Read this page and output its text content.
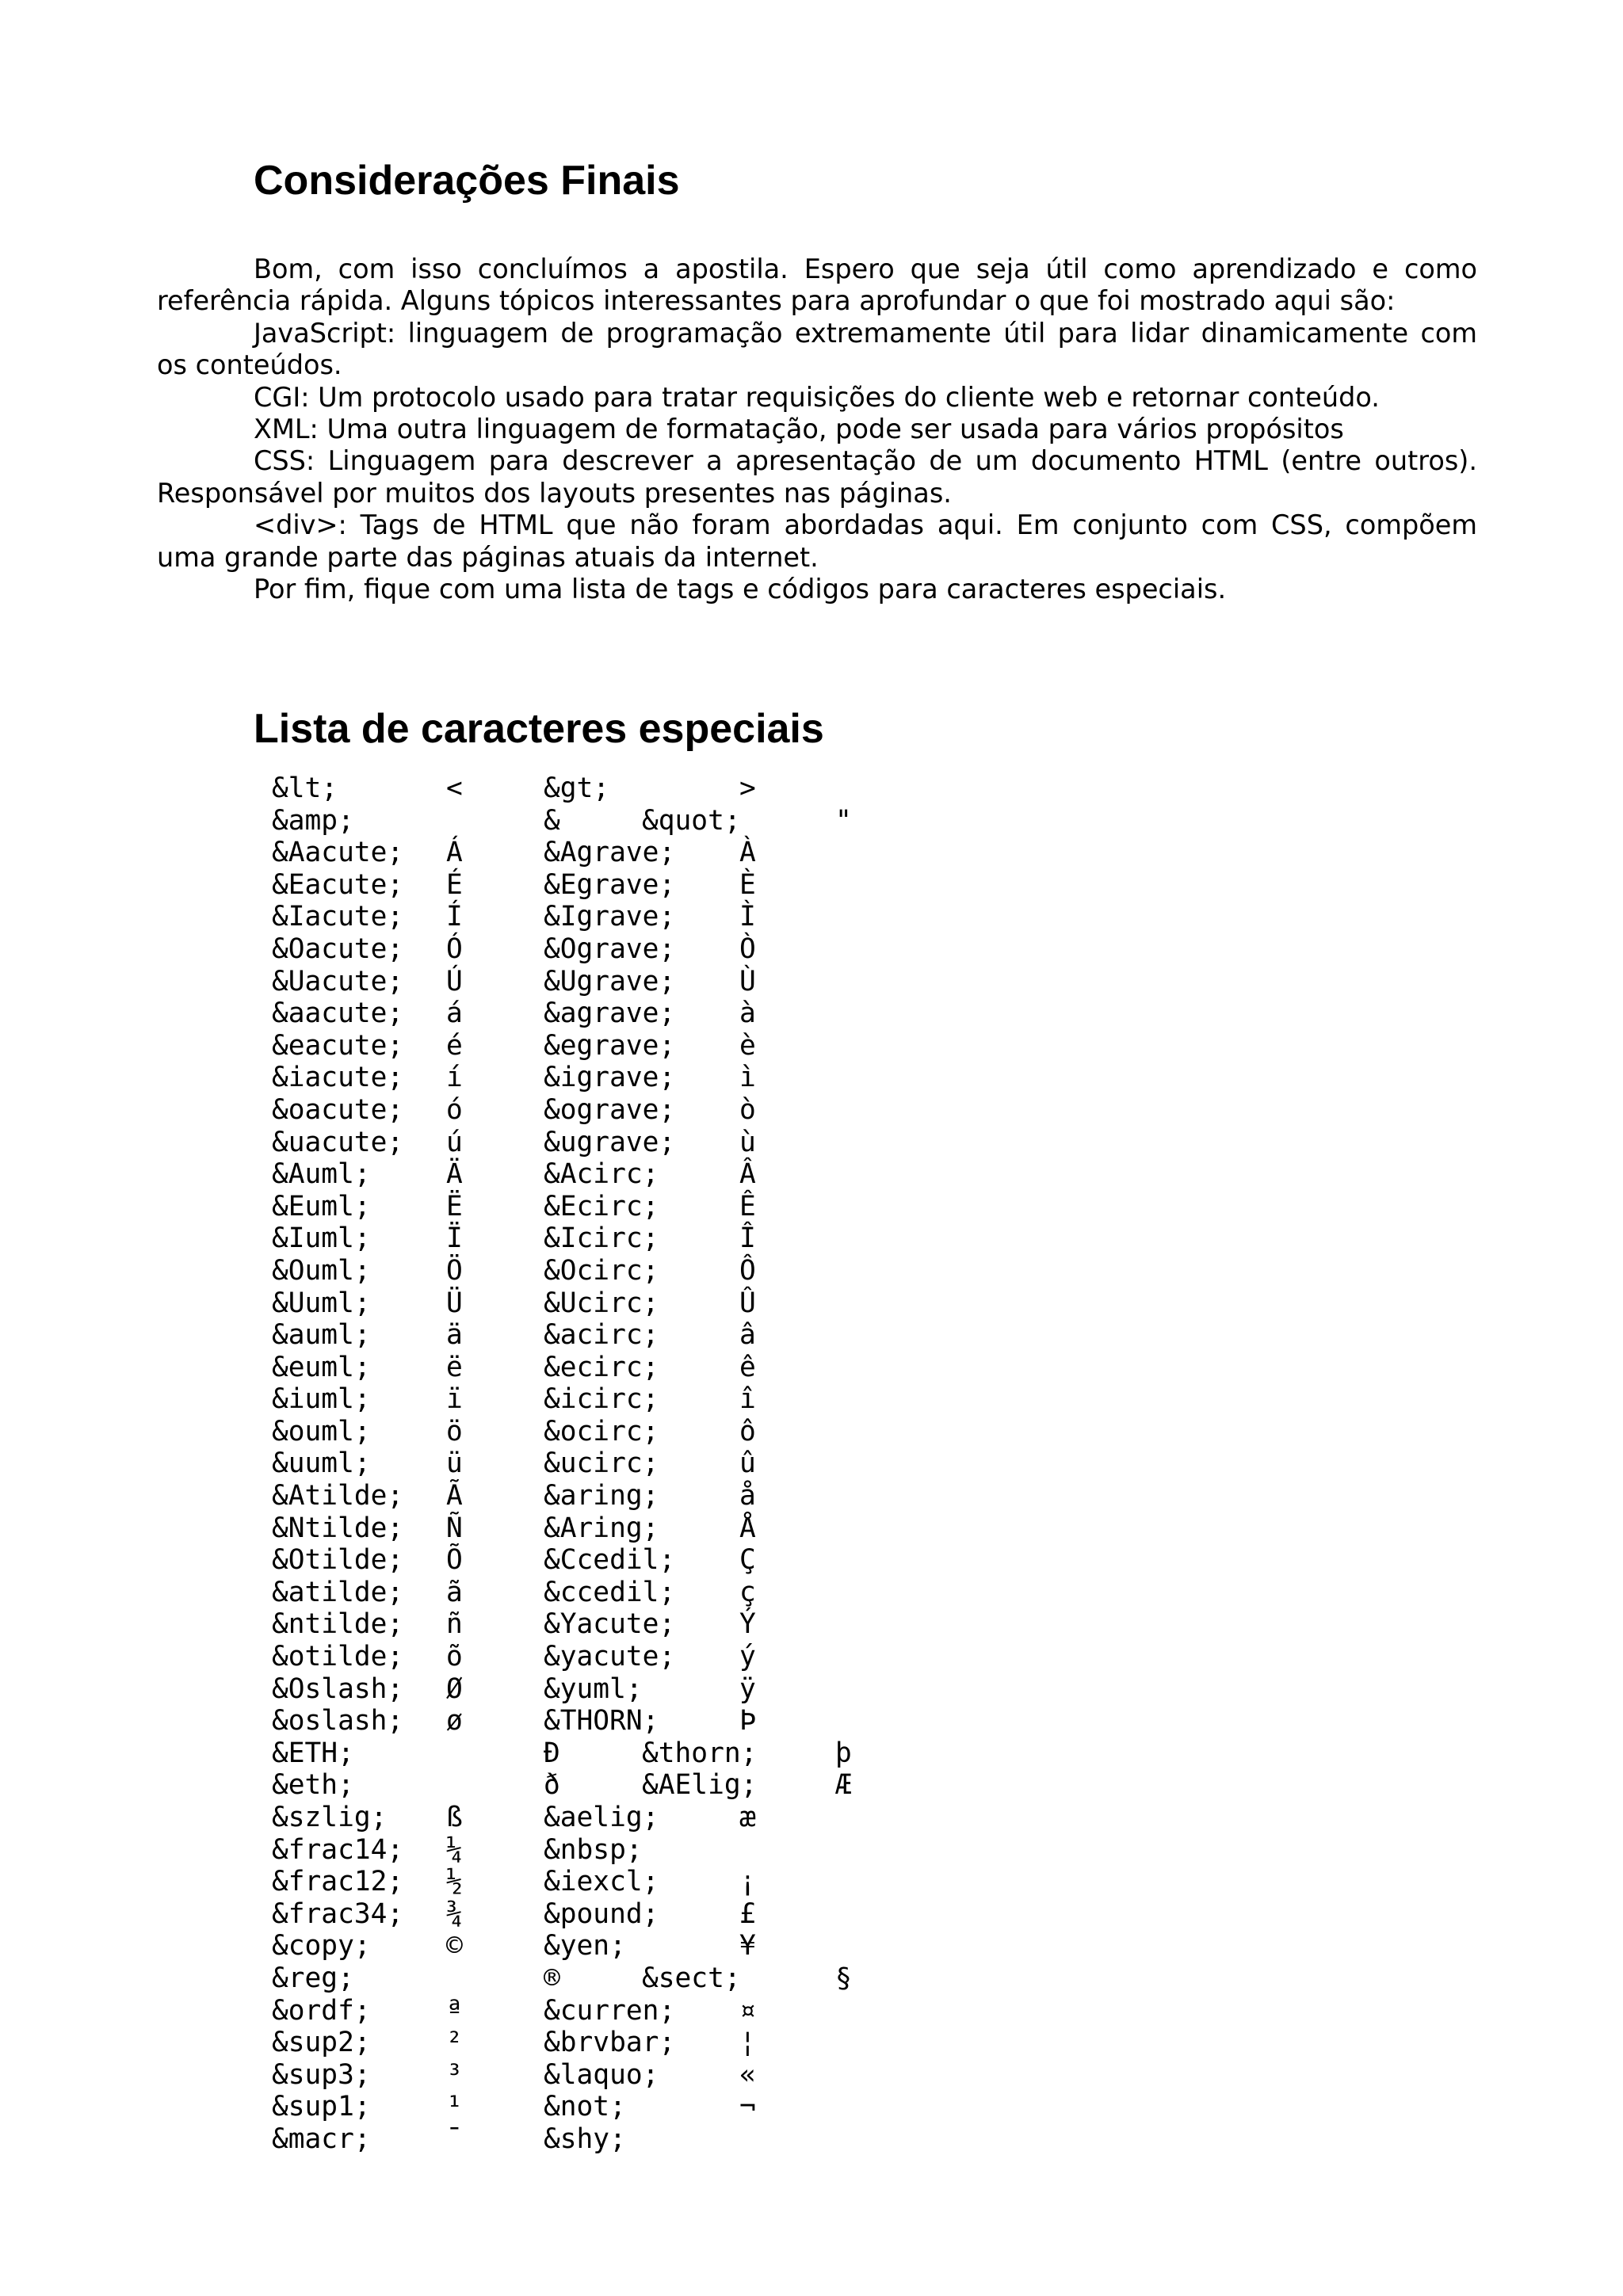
Considerações Finais

Bom, com isso concluímos a apostila. Espero que seja útil como aprendizado e como referência rápida. Alguns tópicos interessantes para aprofundar o que foi mostrado aqui são:

JavaScript: linguagem de programação extremamente útil para lidar dinamicamente com os conteúdos.

CGI: Um protocolo usado para tratar requisições do cliente web e retornar conteúdo.

XML: Uma outra linguagem de formatação, pode ser usada para vários propósitos

CSS: Linguagem para descrever a apresentação de um documento HTML (entre outros). Responsável por muitos dos layouts presentes nas páginas.

<div>: Tags de HTML que não foram abordadas aqui. Em conjunto com CSS, compõem uma grande parte das páginas atuais da internet.

Por fim, fique com uma lista de tags e códigos para caracteres especiais.

Lista de caracteres especiais
&lt;	<	&gt;	>
&amp;	&	&quot;	"
&Aacute; Á	&Agrave; À
&Eacute; É	&Egrave; È
&Iacute; Í	&Igrave; Ì
&Oacute; Ó	&Ograve; Ò
&Uacute; Ú	&Ugrave; Ù
&aacute; á	&agrave; à
&eacute; é	&egrave; è
&iacute; í	&igrave; ì
&oacute; ó	&ograve; ò
&uacute; ú	&ugrave; ù
&Auml;	Ä	&Acirc;	Â
&Euml;	Ë	&Ecirc;	Ê
&Iuml;	Ï	&Icirc;	Î
&Ouml;	Ö	&Ocirc;	Ô
&Uuml;	Ü	&Ucirc;	Û
&auml;	ä	&acirc;	â
&euml;	ë	&ecirc;	ê
&iuml;	ï	&icirc;	î
&ouml;	ö	&ocirc;	ô
&uuml;	ü	&ucirc;	û
&Atilde; Ã	&aring;	å
&Ntilde; Ñ	&Aring;	Å
&Otilde; Õ	&Ccedil; Ç
&atilde; ã	&ccedil; ç
&ntilde; ñ	&Yacute; Ý
&otilde; õ	&yacute; ý
&Oslash; Ø	&yuml;	ÿ
&oslash; ø	&THORN;	Þ
&ETH;	Ð	&thorn;	þ
&eth;	ð	&AElig;	Æ
&szlig; ß	&aelig;	æ
&frac14; ¼	&nbsp;
&frac12; ½	&iexcl;	¡
&frac34; ¾	&pound;	£
&copy;	©	&yen;	¥
&reg;	®	&sect;	§
&ordf;	ª	&curren; ¤
&sup2;	²	&brvbar; ¦
&sup3;	³	&laquo;	«
&sup1;	¹	&not;	¬
&macr;	¯	&shy;
